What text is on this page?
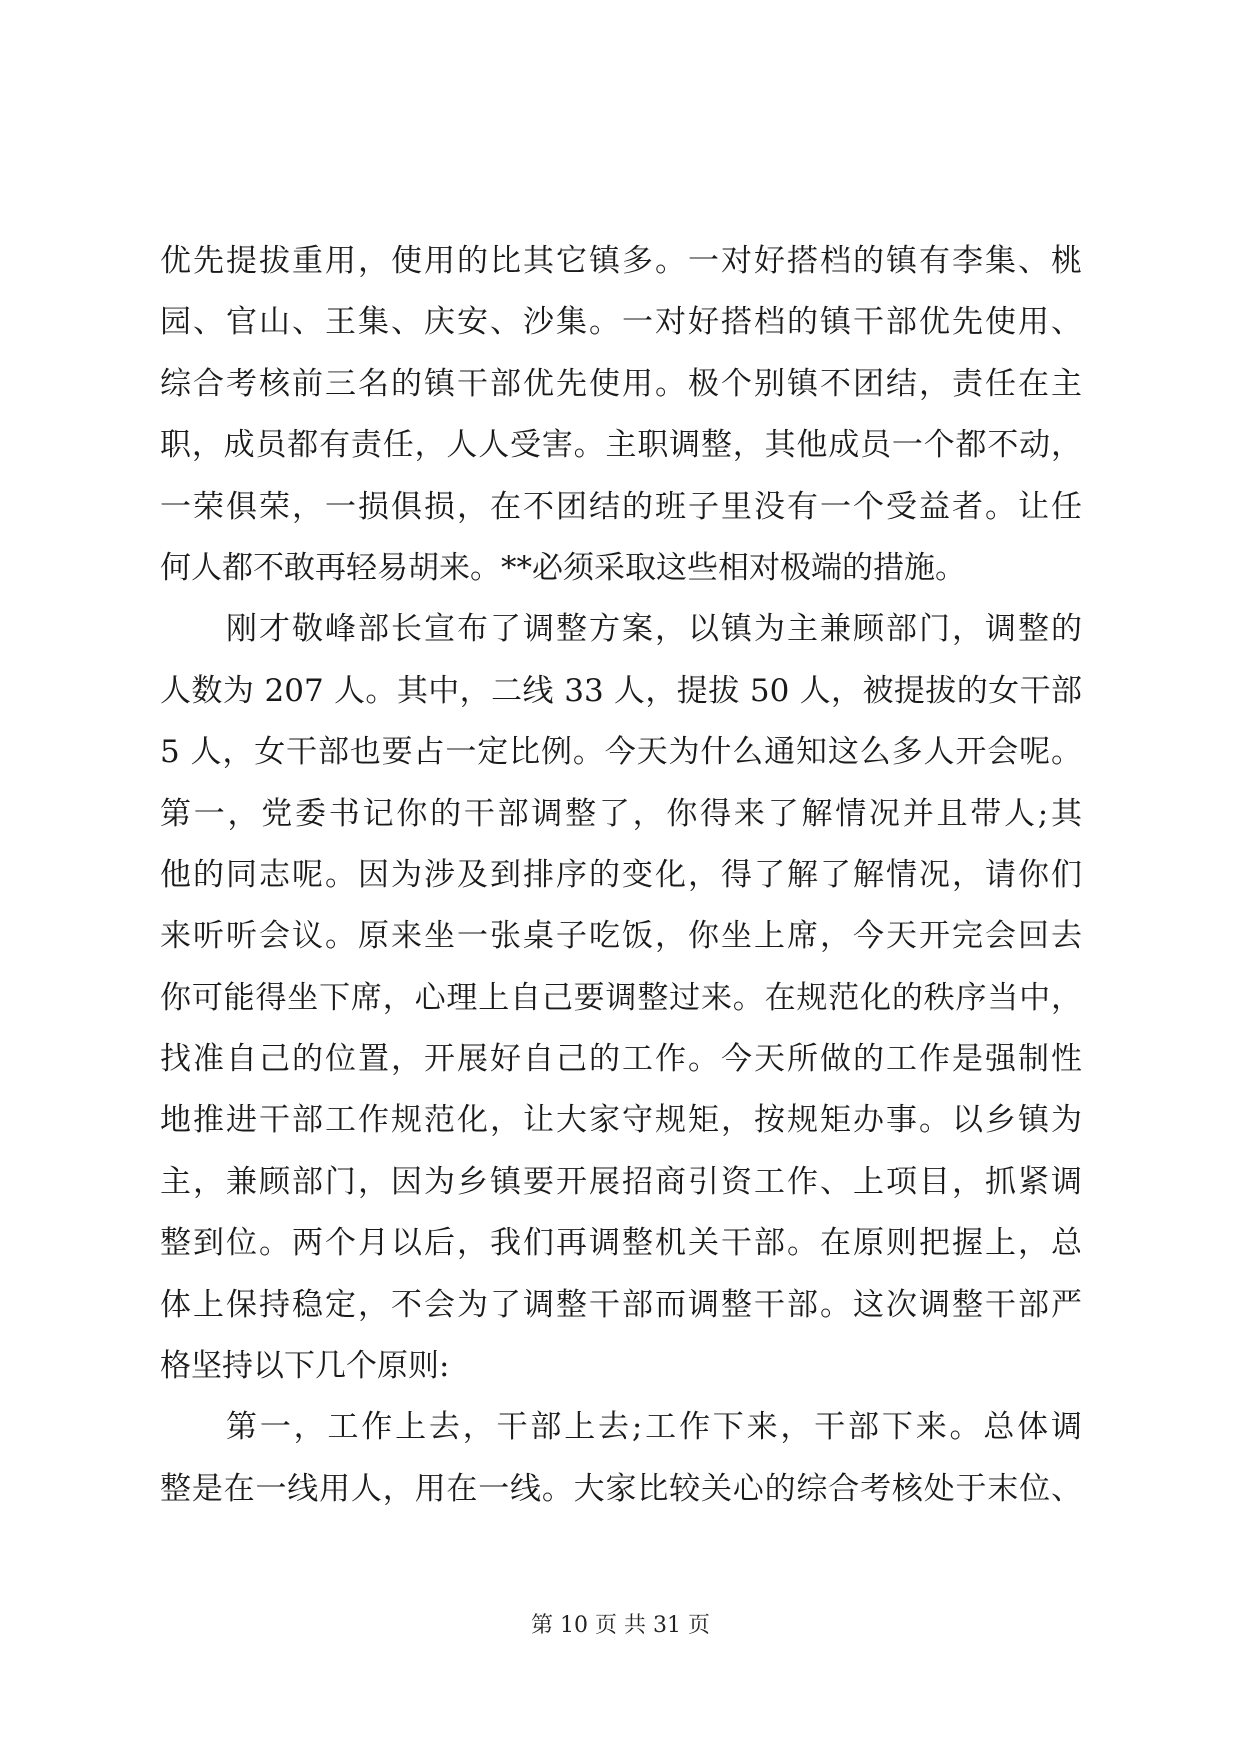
优先提拔重用，使用的比其它镇多。一对好搭档的镇有李集、桃
园、官山、王集、庆安、沙集。一对好搭档的镇干部优先使用、
综合考核前三名的镇干部优先使用。极个别镇不团结，责任在主
职，成员都有责任，人人受害。主职调整，其他成员一个都不动，
一荣俱荣，一损俱损，在不团结的班子里没有一个受益者。让任
何人都不敢再轻易胡来。**必须采取这些相对极端的措施。
刚才敬峰部长宣布了调整方案，以镇为主兼顾部门，调整的
人数为 207 人。其中，二线 33 人，提拔 50 人，被提拔的女干部
5 人，女干部也要占一定比例。今天为什么通知这么多人开会呢。
第一，党委书记你的干部调整了，你得来了解情况并且带人;其
他的同志呢。因为涉及到排序的变化，得了解了解情况，请你们
来听听会议。原来坐一张桌子吃饭，你坐上席，今天开完会回去
你可能得坐下席，心理上自己要调整过来。在规范化的秩序当中，
找准自己的位置，开展好自己的工作。今天所做的工作是强制性
地推进干部工作规范化，让大家守规矩，按规矩办事。以乡镇为
主，兼顾部门，因为乡镇要开展招商引资工作、上项目，抓紧调
整到位。两个月以后，我们再调整机关干部。在原则把握上，总
体上保持稳定，不会为了调整干部而调整干部。这次调整干部严
格坚持以下几个原则:
第一，工作上去，干部上去;工作下来，干部下来。总体调
整是在一线用人，用在一线。大家比较关心的综合考核处于末位、
第 10 页 共 31 页
